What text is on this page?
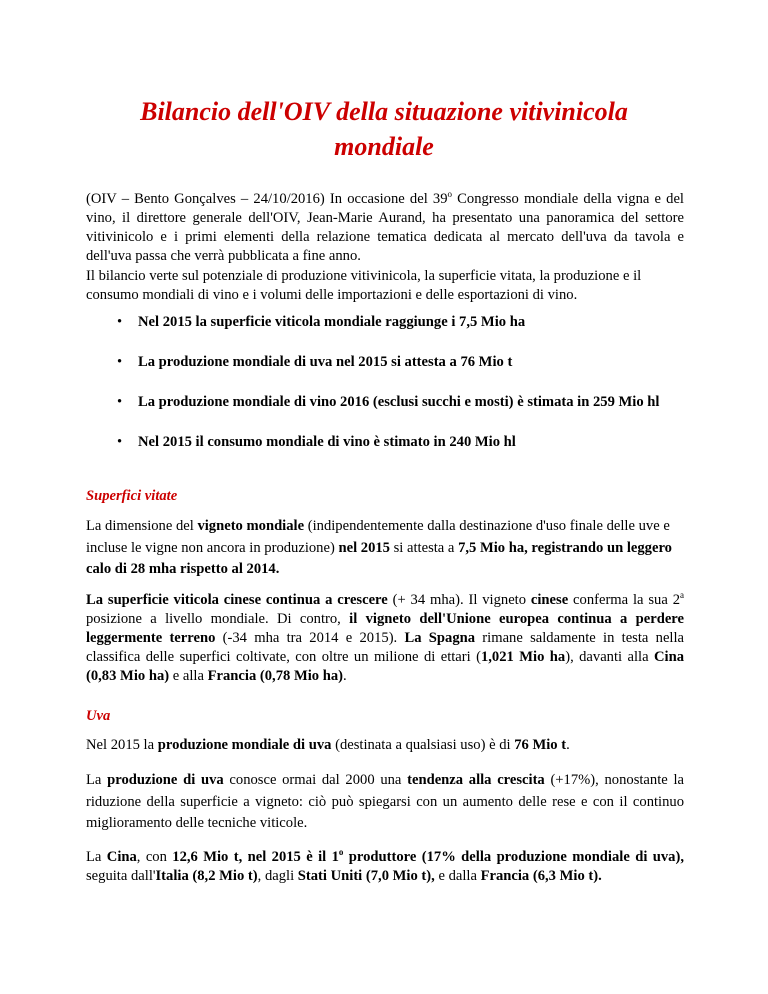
Bilancio dell'OIV della situazione vitivinicola mondiale

(OIV – Bento Gonçalves – 24/10/2016) In occasione del 39$^o$ Congresso mondiale della vigna e del vino, il direttore generale dell'OIV, Jean-Marie Aurand, ha presentato una panoramica del settore vitivinicolo e i primi elementi della relazione tematica dedicata al mercato dell'uva da tavola e dell'uva passa che verrà pubblicata a fine anno.

Il bilancio verte sul potenziale di produzione vitivinicola, la superficie vitata, la produzione e il consumo mondiali di vino e i volumi delle importazioni e delle esportazioni di vino.

• Nel 2015 la superficie viticola mondiale raggiunge i 7,5 Mio ha
• La produzione mondiale di uva nel 2015 si attesta a 76 Mio t
• La produzione mondiale di vino 2016 (esclusi succhi e mosti) è stimata in 259 Mio hl
• Nel 2015 il consumo mondiale di vino è stimato in 240 Mio hl
Superfici vitate

La dimensione del vigneto mondiale (indipendentemente dalla destinazione d'uso finale delle uve e incluse le vigne non ancora in produzione) nel 2015 si attesta a 7,5 Mio ha, registrando un leggero calo di 28 mha rispetto al 2014.

La superficie viticola cinese continua a crescere (+ 34 mha). Il vigneto cinese conferma la sua 2$^a$ posizione a livello mondiale. Di contro, il vigneto dell'Unione europea continua a perdere leggermente terreno (-34 mha tra 2014 e 2015). La Spagna rimane saldamente in testa nella classifica delle superfici coltivate, con oltre un milione di ettari (1,021 Mio ha), davanti alla Cina (0,83 Mio ha) e alla Francia (0,78 Mio ha).

Uva

Nel 2015 la produzione mondiale di uva (destinata a qualsiasi uso) è di 76 Mio t.

La produzione di uva conosce ormai dal 2000 una tendenza alla crescita (+17%), nonostante la riduzione della superficie a vigneto: ciò può spiegarsi con un aumento delle rese e con il continuo miglioramento delle tecniche viticole.

La Cina, con 12,6 Mio t, nel 2015 è il 1$^o$ produttore (17% della produzione mondiale di uva), seguita dall'Italia (8,2 Mio t), dagli Stati Uniti (7,0 Mio t), e dalla Francia (6,3 Mio t).
